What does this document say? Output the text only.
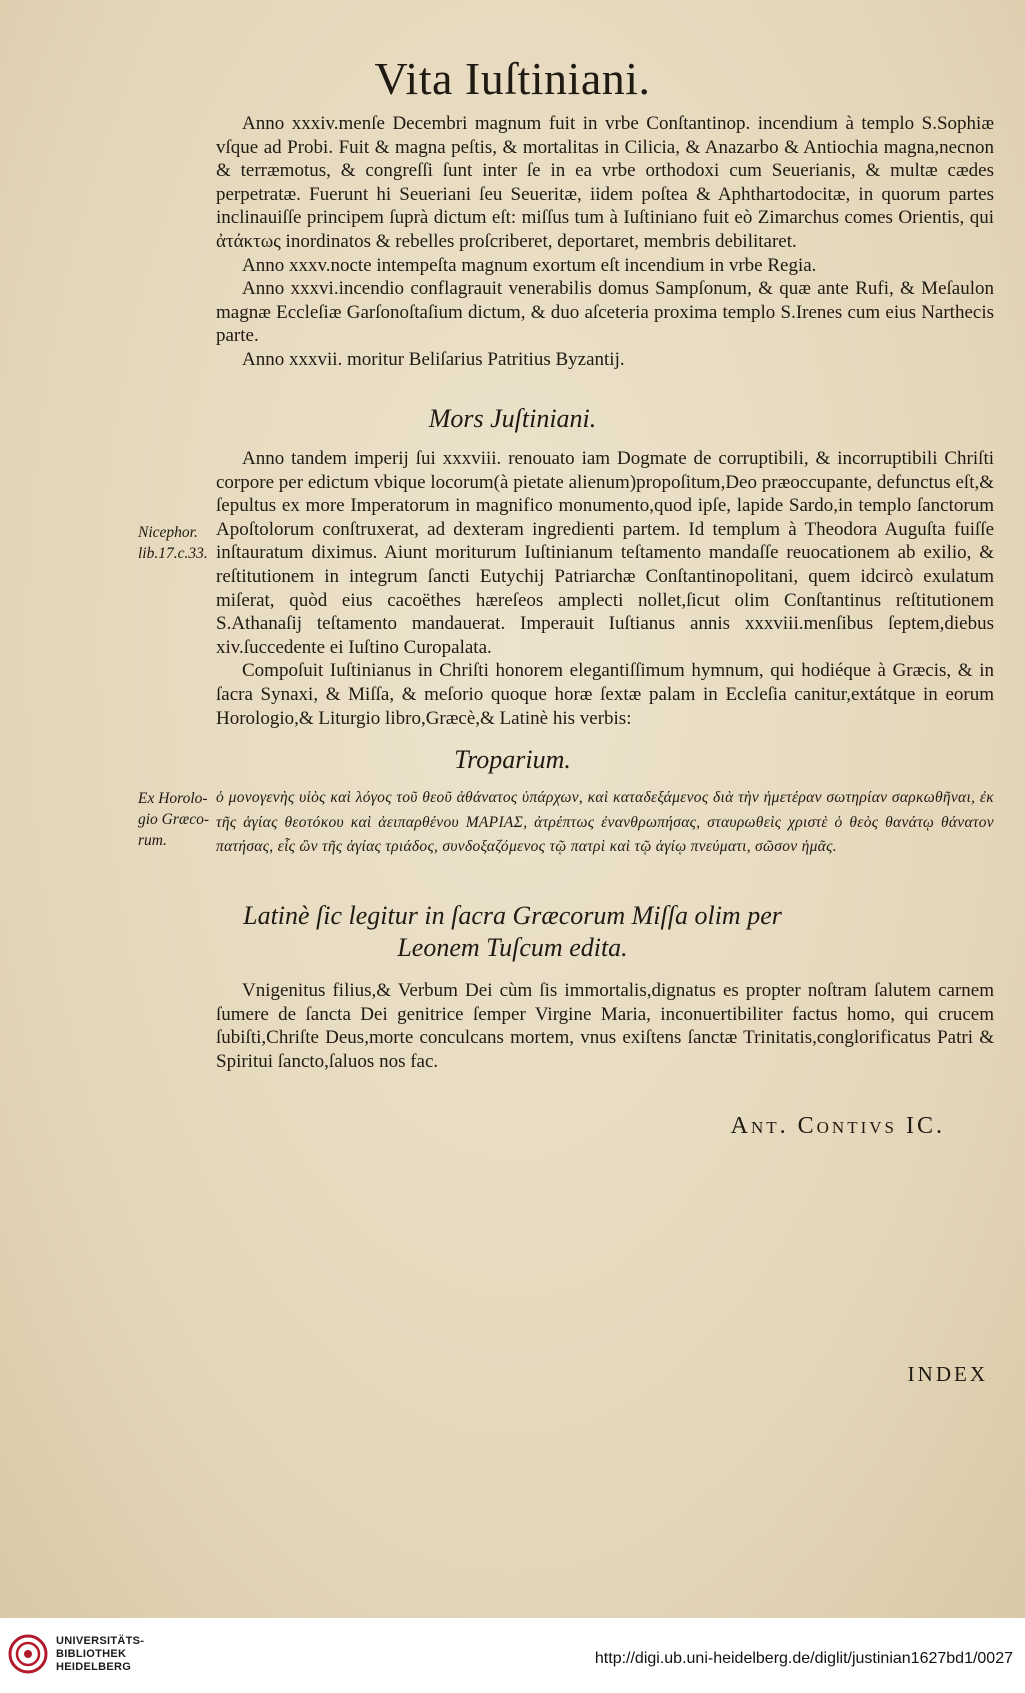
Vita Iuſtiniani.

Anno xxxiv.menſe Decembri magnum fuit in vrbe Conſtantinop. incendium à templo S.Sophiæ vſque ad Probi. Fuit & magna peſtis, & mortalitas in Cilicia, & Anazarbo & Antiochia magna,necnon & terræmotus, & congreſſi ſunt inter ſe in ea vrbe orthodoxi cum Seuerianis, & multæ cædes perpetratæ. Fuerunt hi Seueriani ſeu Seueritæ, iidem poſtea & Aphthartodocitæ, in quorum partes inclinauiſſe principem ſuprà dictum eſt: miſſus tum à Iuſtiniano fuit eò Zimarchus comes Orientis, qui ἀτάκτως inordinatos & rebelles proſcriberet, deportaret, membris debilitaret.

Anno xxxv.nocte intempeſta magnum exortum eſt incendium in vrbe Regia.

Anno xxxvi.incendio conflagrauit venerabilis domus Sampſonum, & quæ ante Rufi, & Meſaulon magnæ Eccleſiæ Garſonoſtaſium dictum, & duo aſceteria proxima templo S.Irenes cum eius Narthecis parte.

Anno xxxvii. moritur Beliſarius Patritius Byzantij.

Mors Juſtiniani.

Anno tandem imperij ſui xxxviii. renouato iam Dogmate de corruptibili, & incorruptibili Chriſti corpore per edictum vbique locorum(à pietate alienum)propoſitum,Deo præoccupante, defunctus eſt,& ſepultus ex more Imperatorum in magnifico monumento,quod ipſe, lapide Sardo,in templo ſanctorum Apoſtolorum conſtruxerat, ad dexteram ingredienti partem. Id templum à Theodora Auguſta fuiſſe inſtauratum diximus. Aiunt moriturum Iuſtinianum teſtamento mandaſſe reuocationem ab exilio, & reſtitutionem in integrum ſancti Eutychij Patriarchæ Conſtantinopolitani, quem idcircò exulatum miſerat, quòd eius cacoëthes hæreſeos amplecti nollet,ſicut olim Conſtantinus reſtitutionem S.Athanaſij teſtamento mandauerat. Imperauit Iuſtianus annis xxxviii.menſibus ſeptem,diebus xiv.ſuccedente ei Iuſtino Curopalata.

Compoſuit Iuſtinianus in Chriſti honorem elegantiſſimum hymnum, qui hodiéque à Græcis, & in ſacra Synaxi, & Miſſa, & meſorio quoque horæ ſextæ palam in Eccleſia canitur,extátque in eorum Horologio,& Liturgio libro,Græcè,& Latinè his verbis:

Nicephor.
lib.17.c.33.
Troparium.
Ex Horolo-
gio Græco-
rum.
ὁ μονογενὴς υἱὸς καὶ λόγος τοῦ θεοῦ ἀθάνατος ὑπάρχων, καὶ καταδεξάμενος διὰ τὴν ἡμετέραν σωτηρίαν σαρκωθῆναι, ἐκ τῆς ἁγίας θεοτόκου καὶ ἀειπαρθένου ΜΑΡΙΑΣ, ἀτρέπτως ἐνανθρωπήσας, σταυρωθεὶς χριστὲ ὁ θεὸς θανάτῳ θάνατον πατήσας, εἷς ὢν τῆς ἁγίας τριάδος, συνδοξαζόμενος τῷ πατρὶ καὶ τῷ ἁγίῳ πνεύματι, σῶσον ἡμᾶς.
Latinè ſic legitur in ſacra Græcorum Miſſa olim per
Leonem Tuſcum edita.

Vnigenitus filius,& Verbum Dei cùm ſis immortalis,dignatus es propter noſtram ſalutem carnem ſumere de ſancta Dei genitrice ſemper Virgine Maria, inconuertibiliter factus homo, qui crucem ſubiſti,Chriſte Deus,morte conculcans mortem, vnus exiſtens ſanctæ Trinitatis,conglorificatus Patri & Spiritui ſancto,ſaluos nos fac.

Ant. Contivs IC.
INDEX
UNIVERSITÄTS-
BIBLIOTHEK
HEIDELBERG	http://digi.ub.uni-heidelberg.de/diglit/justinian1627bd1/0027
